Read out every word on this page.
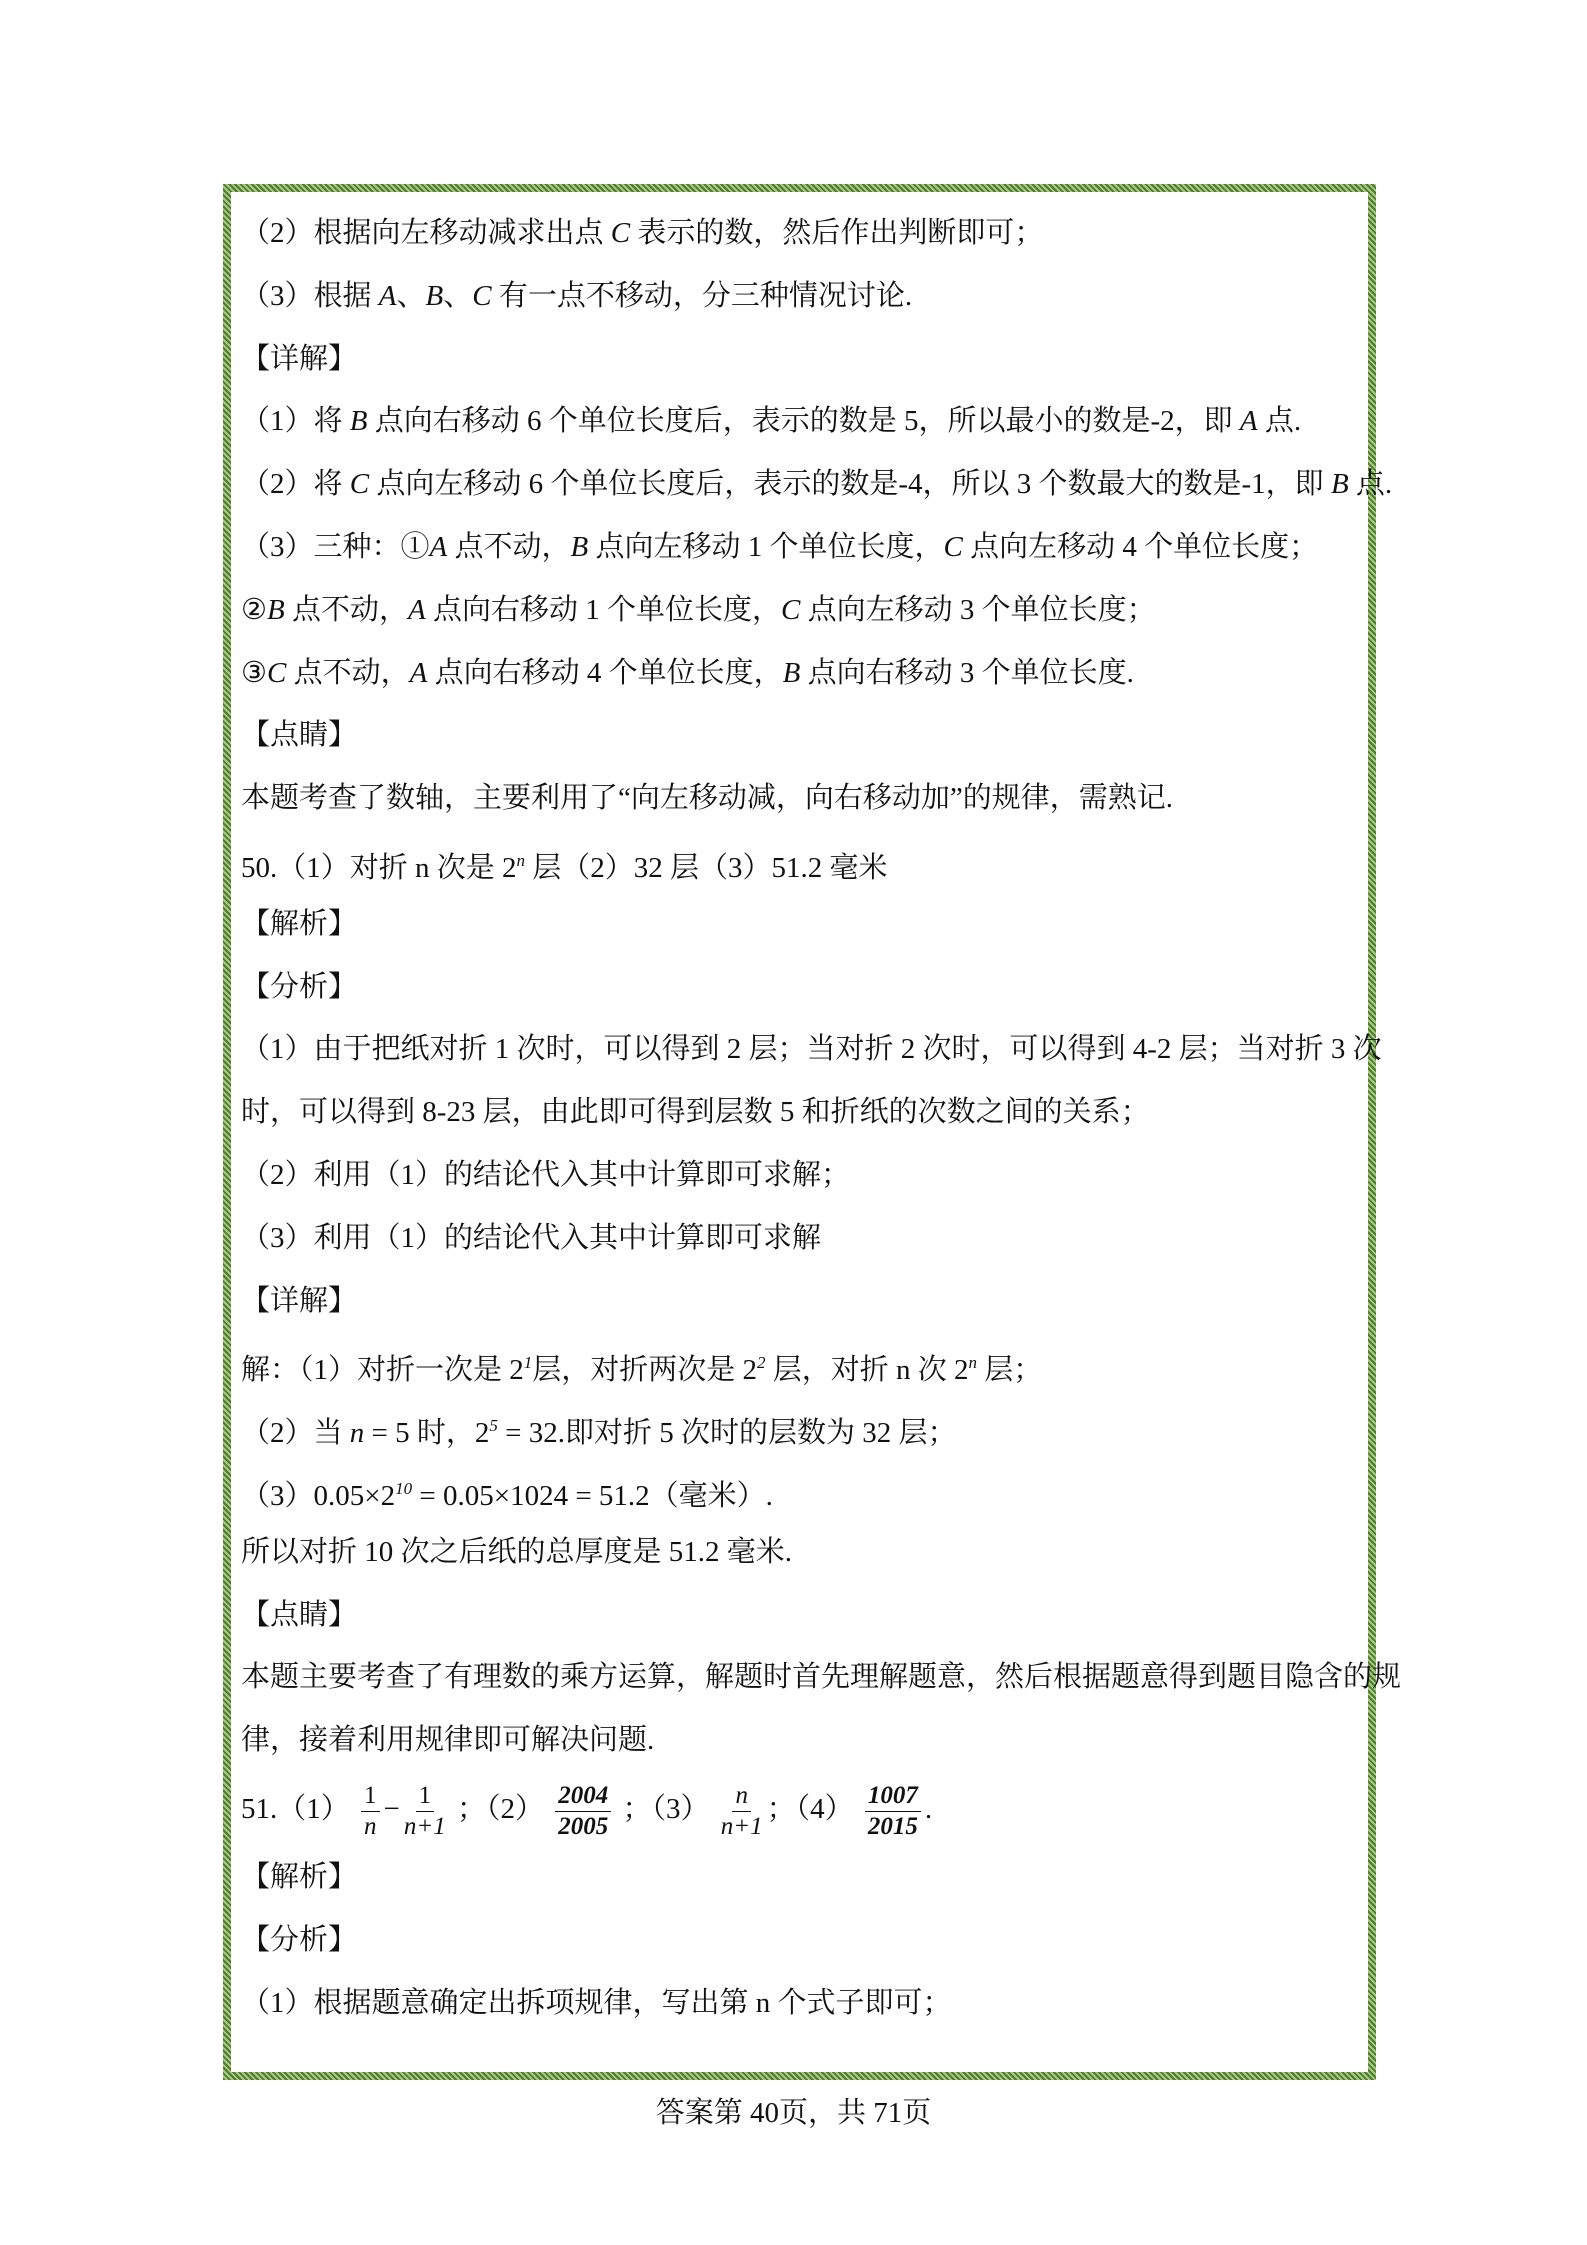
（2）根据向左移动减求出点 C 表示的数，然后作出判断即可；
（3）根据 A、B、C 有一点不移动，分三种情况讨论.
【详解】
（1）将 B 点向右移动 6 个单位长度后，表示的数是 5，所以最小的数是-2，即 A 点.
（2）将 C 点向左移动 6 个单位长度后，表示的数是-4，所以 3 个数最大的数是-1，即 B 点.
（3）三种：①A 点不动，B 点向左移动 1 个单位长度，C 点向左移动 4 个单位长度；
②B 点不动，A 点向右移动 1 个单位长度，C 点向左移动 3 个单位长度；
③C 点不动，A 点向右移动 4 个单位长度，B 点向右移动 3 个单位长度.
【点睛】
本题考查了数轴，主要利用了“向左移动减，向右移动加”的规律，需熟记.
50.（1）对折 n 次是 2$^n$ 层（2）32 层（3）51.2 毫米
【解析】
【分析】
（1）由于把纸对折 1 次时，可以得到 2 层；当对折 2 次时，可以得到 4-2 层；当对折 3 次
时，可以得到 8-23 层，由此即可得到层数 5 和折纸的次数之间的关系；
（2）利用（1）的结论代入其中计算即可求解；
（3）利用（1）的结论代入其中计算即可求解
【详解】
解：（1）对折一次是 $2^1$层，对折两次是 $2^2$ 层，对折 n 次 2$^n$ 层；
（2）当 n = 5 时，$2^5 = 32$.即对折 5 次时的层数为 32 层；
$(3)0.05\times 2^{10} = 0.05\times 1024 = 51.2$（毫米）.
所以对折 10 次之后纸的总厚度是 51.2 毫米.
【点睛】
本题主要考查了有理数的乘方运算，解题时首先理解题意，然后根据题意得到题目隐含的规
律，接着利用规律即可解决问题.
$51.(1) \frac{1}{n} - \frac{1}{n+1}$ ；$(2) \frac{2004}{2005}$ ；$(3) \frac{n}{n+1}$ ；$(4) \frac{1007}{2015}$ .
【解析】
【分析】
（1）根据题意确定出拆项规律，写出第 n 个式子即可；
答案第 40页，共 71页
